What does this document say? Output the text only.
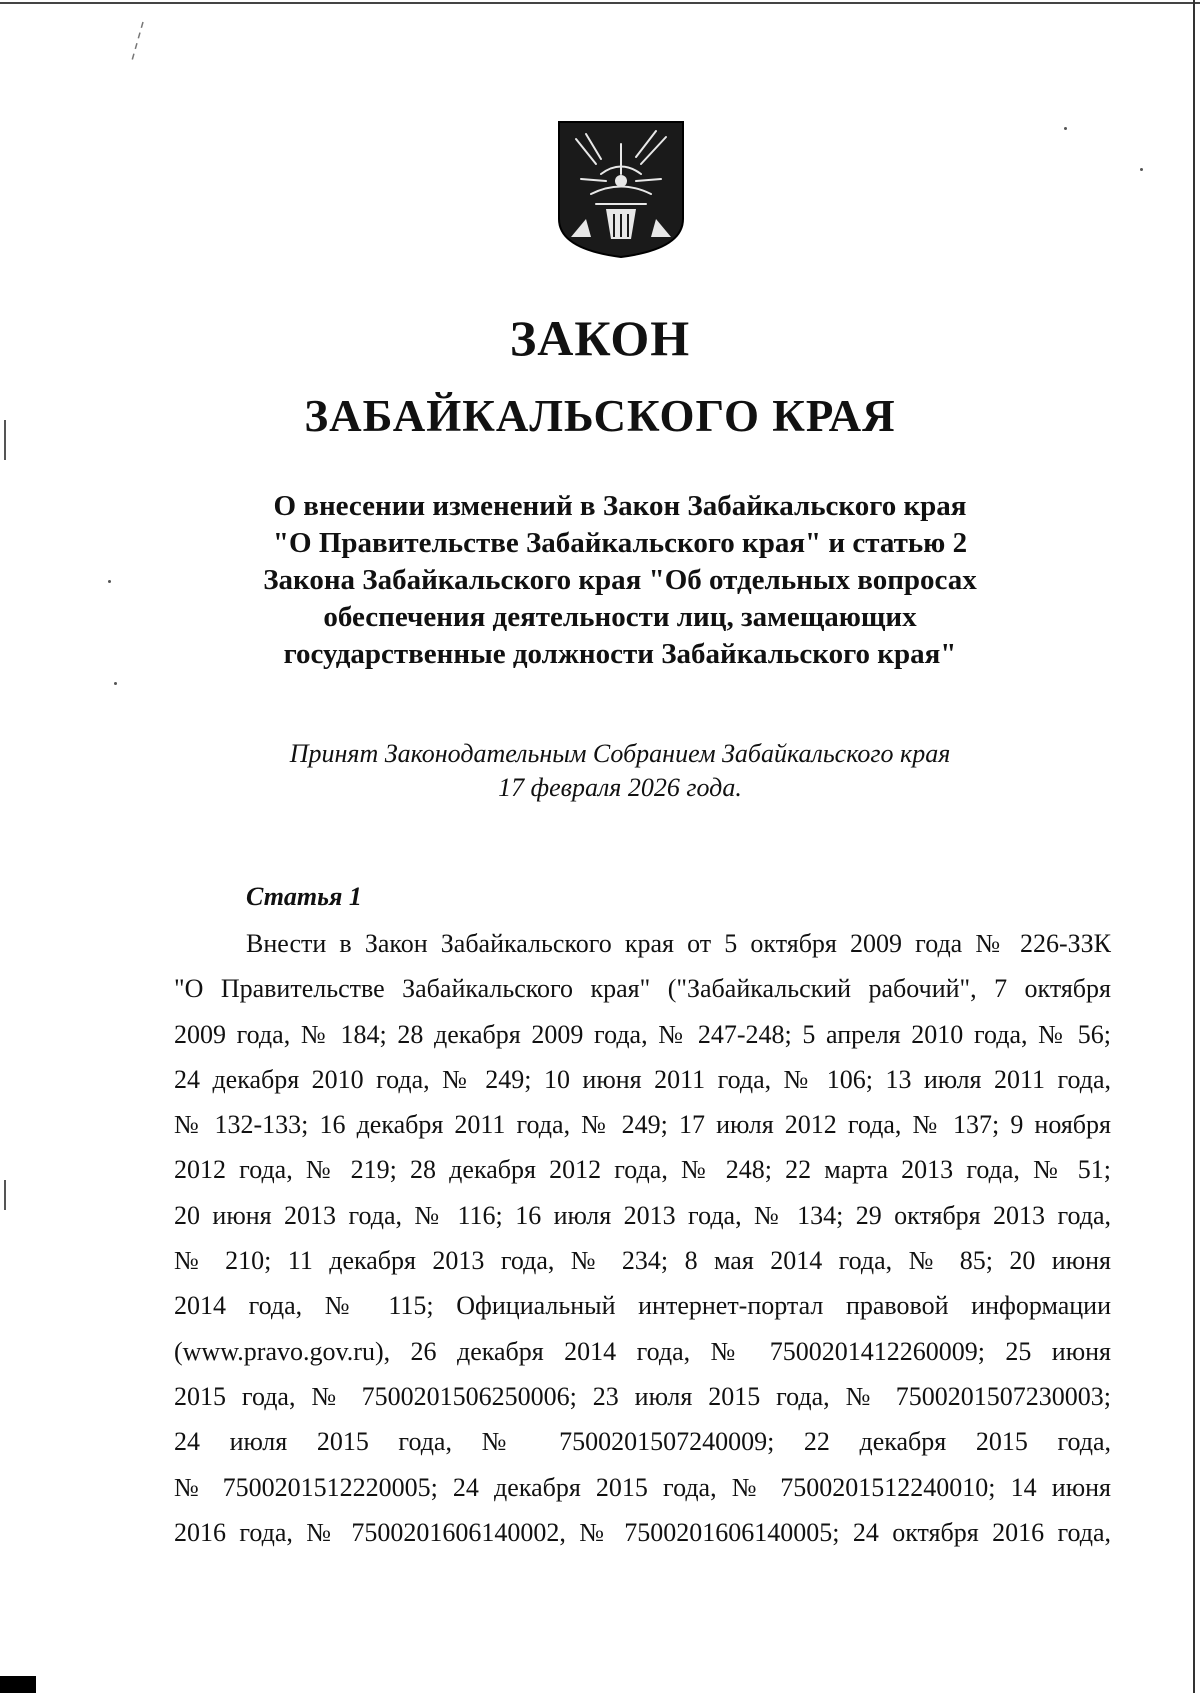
ЗАКОН
ЗАБАЙКАЛЬСКОГО КРАЯ
О внесении изменений в Закон Забайкальского края
"О Правительстве Забайкальского края" и статью 2
Закона Забайкальского края "Об отдельных вопросах
обеспечения деятельности лиц, замещающих
государственные должности Забайкальского края"
Принят Законодательным Собранием Забайкальского края
17 февраля 2026 года.
Статья 1
Внести в Закон Забайкальского края от 5 октября 2009 года № 226-ЗЗК
"О Правительстве Забайкальского края" ("Забайкальский рабочий", 7 октября
2009 года, № 184; 28 декабря 2009 года, № 247-248; 5 апреля 2010 года, № 56;
24 декабря 2010 года, № 249; 10 июня 2011 года, № 106; 13 июля 2011 года,
№ 132-133; 16 декабря 2011 года, № 249; 17 июля 2012 года, № 137; 9 ноября
2012 года, № 219; 28 декабря 2012 года, № 248; 22 марта 2013 года, № 51;
20 июня 2013 года, № 116; 16 июля 2013 года, № 134; 29 октября 2013 года,
№ 210; 11 декабря 2013 года, № 234; 8 мая 2014 года, № 85; 20 июня
2014 года, № 115; Официальный интернет-портал правовой информации
(www.pravo.gov.ru), 26 декабря 2014 года, № 7500201412260009; 25 июня
2015 года, № 7500201506250006; 23 июля 2015 года, № 7500201507230003;
24 июля 2015 года, № 7500201507240009; 22 декабря 2015 года,
№ 7500201512220005; 24 декабря 2015 года, № 7500201512240010; 14 июня
2016 года, № 7500201606140002, № 7500201606140005; 24 октября 2016 года,
